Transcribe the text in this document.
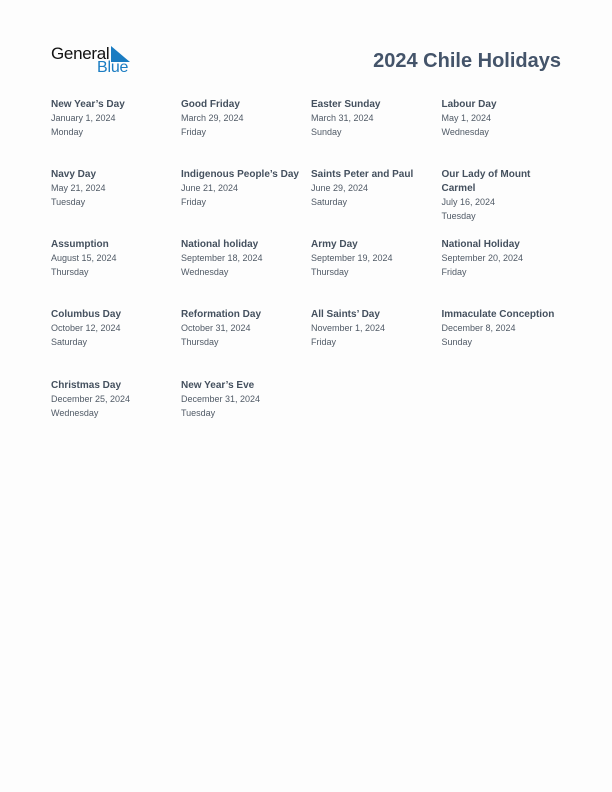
General
Blue	2024 Chile Holidays
New Year’s Day
January 1, 2024
Monday
Good Friday
March 29, 2024
Friday
Easter Sunday
March 31, 2024
Sunday
Labour Day
May 1, 2024
Wednesday
Navy Day
May 21, 2024
Tuesday
Indigenous People’s Day
June 21, 2024
Friday
Saints Peter and Paul
June 29, 2024
Saturday
Our Lady of Mount Carmel
July 16, 2024
Tuesday
Assumption
August 15, 2024
Thursday
National holiday
September 18, 2024
Wednesday
Army Day
September 19, 2024
Thursday
National Holiday
September 20, 2024
Friday
Columbus Day
October 12, 2024
Saturday
Reformation Day
October 31, 2024
Thursday
All Saints’ Day
November 1, 2024
Friday
Immaculate Conception
December 8, 2024
Sunday
Christmas Day
December 25, 2024
Wednesday
New Year’s Eve
December 31, 2024
Tuesday
